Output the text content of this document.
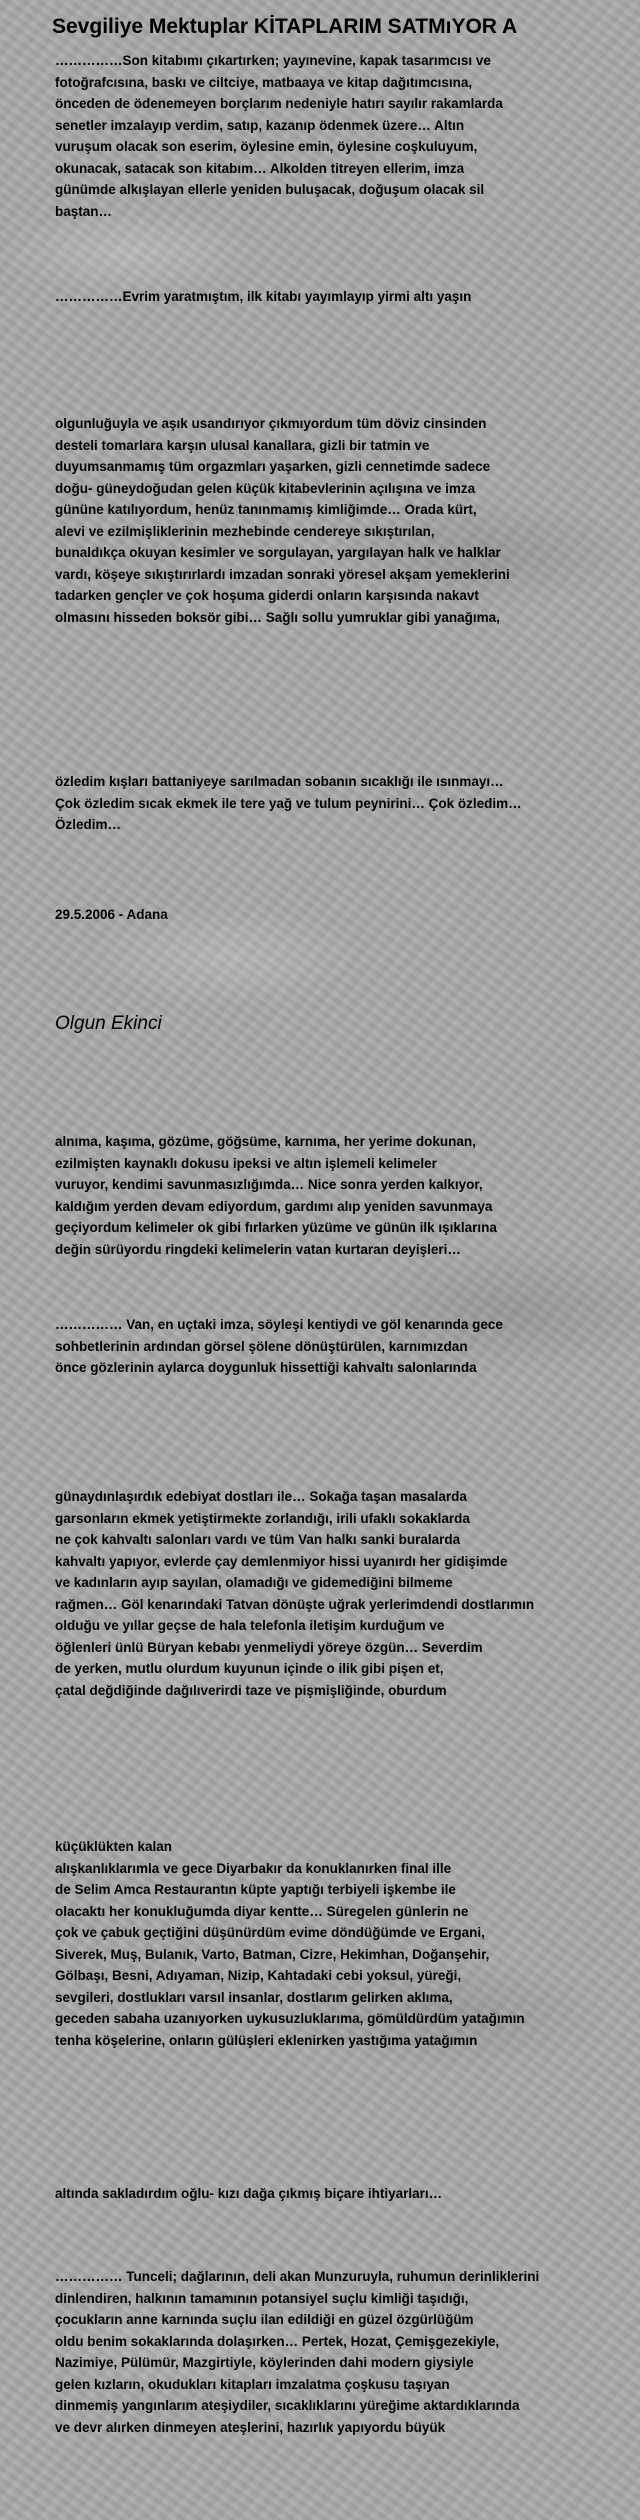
Sevgiliye Mektuplar KİTAPLARIM SATMıYOR A
……………Son kitabımı çıkartırken; yayınevine, kapak tasarımcısı ve
fotoğrafcısına, baskı ve ciltciye, matbaaya ve kitap dağıtımcısına,
önceden de ödenemeyen borçlarım nedeniyle hatırı sayılır rakamlarda
senetler imzalayıp verdim, satıp, kazanıp ödenmek üzere… Altın
vuruşum olacak son eserim, öylesine emin, öylesine coşkuluyum,
okunacak, satacak son kitabım… Alkolden titreyen ellerim, imza
günümde alkışlayan ellerle yeniden buluşacak, doğuşum olacak sil
baştan…
……………Evrim yaratmıştım, ilk kitabı yayımlayıp yirmi altı yaşın
olgunluğuyla ve aşık usandırıyor çıkmıyordum tüm döviz cinsinden
desteli tomarlara karşın ulusal kanallara, gizli bir tatmin ve
duyumsanmamış tüm orgazmları yaşarken, gizli cennetimde sadece
doğu- güneydoğudan gelen küçük kitabevlerinin açılışına ve imza
gününe katılıyordum, henüz tanınmamış kimliğimde… Orada kürt,
alevi ve ezilmişliklerinin mezhebinde cendereye sıkıştırılan,
bunaldıkça okuyan kesimler ve sorgulayan, yargılayan halk ve halklar
vardı, köşeye sıkıştırırlardı imzadan sonraki yöresel akşam yemeklerini
tadarken gençler ve çok hoşuma giderdi onların karşısında nakavt
olmasını hisseden boksör gibi… Sağlı sollu yumruklar gibi yanağıma,
özledim kışları battaniyeye sarılmadan sobanın sıcaklığı ile ısınmayı…
Çok özledim sıcak ekmek ile tere yağ ve tulum peynirini… Çok özledim…
Özledim…
29.5.2006 - Adana
Olgun Ekinci
alnıma, kaşıma, gözüme, göğsüme, karnıma, her yerime dokunan,
ezilmişten kaynaklı dokusu ipeksi ve altın işlemeli kelimeler
vuruyor, kendimi savunmasızlığımda… Nice sonra yerden kalkıyor,
kaldığım yerden devam ediyordum, gardımı alıp yeniden savunmaya
geçiyordum kelimeler ok gibi fırlarken yüzüme ve günün ilk ışıklarına
değin sürüyordu ringdeki kelimelerin vatan kurtaran deyişleri…
…………… Van, en uçtaki imza, söyleşi kentiydi ve göl kenarında gece
sohbetlerinin ardından görsel şölene dönüştürülen, karnımızdan
önce gözlerinin aylarca doygunluk hissettiği kahvaltı salonlarında
günaydınlaşırdık edebiyat dostları ile… Sokağa taşan masalarda
garsonların ekmek yetiştirmekte zorlandığı, irili ufaklı sokaklarda
ne çok kahvaltı salonları vardı ve tüm Van halkı sanki buralarda
kahvaltı yapıyor, evlerde çay demlenmiyor hissi uyanırdı her gidişimde
ve kadınların ayıp sayılan, olamadığı ve gidemediğini bilmeme
rağmen… Göl kenarındaki Tatvan dönüşte uğrak yerlerimdendi dostlarımın
olduğu ve yıllar geçse de hala telefonla iletişim kurduğum ve
öğlenleri ünlü Büryan kebabı yenmeliydi yöreye özgün… Severdim
de yerken, mutlu olurdum kuyunun içinde o ilik gibi pişen et,
çatal değdiğinde dağılıverirdi taze ve pişmişliğinde, oburdum
küçüklükten kalan
alışkanlıklarımla ve gece Diyarbakır da konuklanırken final ille
de Selim Amca Restaurantın küpte yaptığı terbiyeli işkembe ile
olacaktı her konukluğumda diyar kentte… Süregelen günlerin ne
çok ve çabuk geçtiğini düşünürdüm evime döndüğümde ve Ergani,
Siverek, Muş, Bulanık, Varto, Batman, Cizre, Hekimhan, Doğanşehir,
Gölbaşı, Besni, Adıyaman, Nizip, Kahtadaki cebi yoksul, yüreği,
sevgileri, dostlukları varsıl insanlar, dostlarım gelirken aklıma,
geceden sabaha uzanıyorken uykusuzluklarıma, gömüldürdüm yatağımın
tenha köşelerine, onların gülüşleri eklenirken yastığıma yatağımın
altında sakladırdım oğlu- kızı dağa çıkmış biçare ihtiyarları…
…………… Tunceli; dağlarının, deli akan Munzuruyla, ruhumun derinliklerini
dinlendiren, halkının tamamının potansiyel suçlu kimliği taşıdığı,
çocukların anne karnında suçlu ilan edildiği en güzel özgürlüğüm
oldu benim sokaklarında dolaşırken… Pertek, Hozat, Çemişgezekiyle,
Nazimiye, Pülümür, Mazgirtiyle, köylerinden dahi modern giysiyle
gelen kızların, okudukları kitapları imzalatma çoşkusu taşıyan
dinmemiş yangınlarım ateşiydiler, sıcaklıklarını yüreğime aktardıklarında
ve devr alırken dinmeyen ateşlerini, hazırlık yapıyordu büyük
